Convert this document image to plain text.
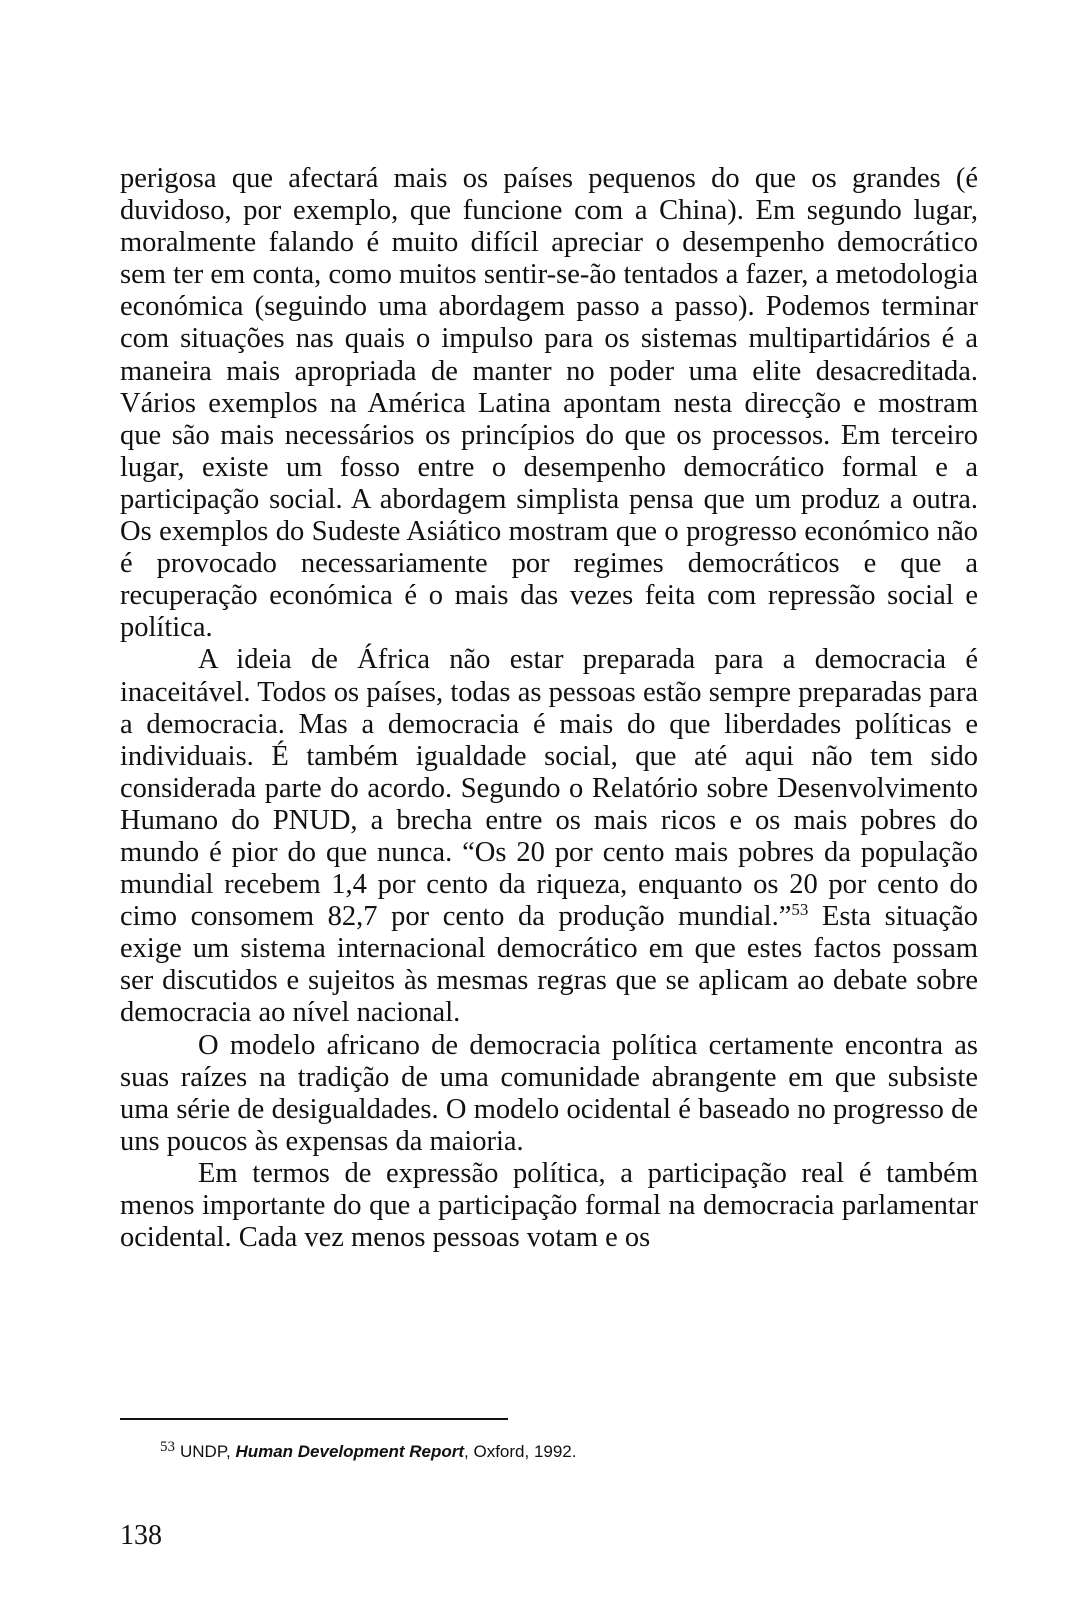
perigosa que afectará mais os países pequenos do que os grandes (é duvidoso, por exemplo, que funcione com a China). Em segundo lugar, moralmente falando é muito difícil apreciar o desempenho democrático sem ter em conta, como muitos sentir-se-ão tentados a fazer, a metodologia económica (seguindo uma abordagem passo a passo). Podemos terminar com situações nas quais o impulso para os sistemas multipartidários é a maneira mais apropriada de manter no poder uma elite desacreditada. Vários exemplos na América Latina apontam nesta direcção e mostram que são mais necessários os princípios do que os processos. Em terceiro lugar, existe um fosso entre o desempenho democrático formal e a participação social. A abordagem simplista pensa que um produz a outra. Os exemplos do Sudeste Asiático mostram que o progresso económico não é provocado necessariamente por regimes democráticos e que a recuperação económica é o mais das vezes feita com repressão social e política.

A ideia de África não estar preparada para a democracia é inaceitável. Todos os países, todas as pessoas estão sempre preparadas para a democracia. Mas a democracia é mais do que liberdades políticas e individuais. É também igualdade social, que até aqui não tem sido considerada parte do acordo. Segundo o Relatório sobre Desenvolvimento Humano do PNUD, a brecha entre os mais ricos e os mais pobres do mundo é pior do que nunca. “Os 20 por cento mais pobres da população mundial recebem 1,4 por cento da riqueza, enquanto os 20 por cento do cimo consomem 82,7 por cento da produção mundial.”$^{53}$ Esta situação exige um sistema internacional democrático em que estes factos possam ser discutidos e sujeitos às mesmas regras que se aplicam ao debate sobre democracia ao nível nacional.

O modelo africano de democracia política certamente encontra as suas raízes na tradição de uma comunidade abrangente em que subsiste uma série de desigualdades. O modelo ocidental é baseado no progresso de uns poucos às expensas da maioria.

Em termos de expressão política, a participação real é também menos importante do que a participação formal na democracia parlamentar ocidental. Cada vez menos pessoas votam e os

$^{53}$ UNDP, Human Development Report, Oxford, 1992.
138
